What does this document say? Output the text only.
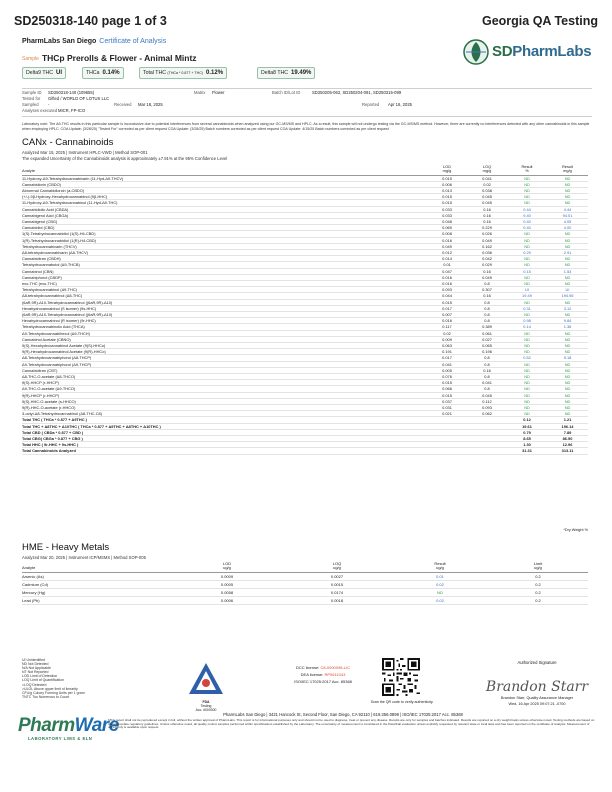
SD250318-140 page 1 of 3	Georgia QA Testing
PharmLabs San Diego Certificate of Analysis
Sample THCp Prerolls & Flower - Animal Mintz	SDPharmLabs
Delta9 THC UI	THCa 0.14%	Total THC (THCa * 0.877 + THC) 0.12%	Delta8 THC 19.49%
Sample ID SD250318-140 (109655)	Matrix Flower	Batch ID/Lot ID	SD250205-062, SD250204-091, SD250315-099
Tested for Gifted / WORLD OF LOTUS LLC
Sampled -	Received Mar 18, 2025	Reported Apr 16, 2025
Analyses executed MICR, FP-ICO
Laboratory note: The ∆9-THC results in this particular sample is inconclusive due to potential interferences from several cannabinoids when analyzed using our GC-MS/MS and HPLC. As a result, this sample will not undergo testing via the GC-MS/MS method. However, there are currently no interferences detected with any other cannabinoids in this sample when employing HPLC. COA Update: (3/28/25) "Tested For" corrected as per client request COA Update: (3/28/25) Batch numbers corrected as per client request COA Update: 4/15/25 Batch numbers corrected as per client request
CANx - Cannabinoids
Analyzed Mar 15, 2025 | Instrument HPLC-VWD | Method SOP-001
The expanded Uncertainty of the Cannabinoids analysis is approximately ±7.91% at the 95% Confidence Level
Analyte	LOD
mg/g	LOQ
mg/g	Result
%	Result
mg/g
11-Hydroxy-Δ9-Tetrahydrocannabivarin (11-Hyd-Δ9-THCV)	0.015	0.041	ND	ND
Cannabidiorin (CBDO)	0.006	0.02	ND	ND
Abnormal Cannabidiorcin (a-CBDO)	0.013	0.038	ND	ND
(+/-)-9β-Hydroxy-Hexahydrocannabinol (9β-HHC)	0.015	0.045	ND	ND
11-Hydroxy-Δ9-Tetrahydrocannabinol (11-Hyd-Δ9-THC)	0.015	0.045	ND	ND
Cannabidiolic Acid (CBDA)	0.033	0.16	0.44	4.44
Cannabigerol Acid (CBGA)	0.033	0.16	9.40	94.01
Cannabigerol (CBG)	0.048	0.16	0.40	4.05
Cannabidiol (CBD)	0.069	0.229	0.40	4.00
1(S)-Tetrahydrocannabidiol (1(S)-H4-CBD)	0.008	0.026	ND	ND
1(R)-Tetrahydrocannabidiol (1(R)-H4-CBD)	0.016	0.049	ND	ND
Tetrahydrocannabivarin (THCV)	0.049	0.162	ND	ND
Δ8-tetrahydrocannabivarin (Δ8-THCV)	0.012	0.036	0.29	2.91
Cannabicitran (CBDH)	0.014	0.042	ND	ND
Tetrahydrocannabutol (Δ9-THCB)	0.01	0.029	ND	ND
Cannabinol (CBN)	0.047	0.16	0.15	1.53
Cannabiphorol (CBDP)	0.016	0.049	ND	ND
exo-THC (exo-THC)	0.016	0.8	ND	ND
Tetrahydrocannabinol (Δ9-THC)	0.093	0.307	UI	UI
Δ8-tetrahydrocannabinol (Δ8-THC)	0.044	0.16	19.49	194.95
(6aR,9R)-Δ10-Tetrahydrocannabinol ((6aR,9R)-Δ10)	0.015	0.8	ND	ND
Hexahydrocannabinol (S isomer) (9s-HHC)	0.017	0.8	0.31	3.12
(6aR,9R)-Δ10-Tetrahydrocannabinol ((6aR,9R)-Δ10)	0.007	0.8	ND	ND
Hexahydrocannabinol (R isomer) (9r-HHC)	0.016	0.8	0.98	9.84
Tetrahydrocannabinolic Acid (THCA)	0.117	0.389	0.14	1.36
Δ9-Tetrahydrocannabihexol (Δ9-THCH)	0.02	0.061	ND	ND
Cannabinol Acetate (CBNO)	0.009	0.027	ND	ND
9(S)-Hexahydrocannabinol Acetate (9(S)-HHCo)	0.063	0.065	ND	ND
9(R)-Hexahydrocannabinol Acetate (9(R)-HHCo)	0.191	0.196	ND	ND
Δ8-Tetrahydrocannabiphorol (Δ8-THCP)	0.017	0.8	0.52	5.18
Δ9-Tetrahydrocannabiphorol (Δ9-THCP)	0.041	0.8	ND	ND
Cannabicitran (CBT)	0.005	0.16	ND	ND
Δ8-THC-O-acetate (Δ8-THCO)	0.076	0.8	ND	ND
9(S)-HHCP (r-HHCP)	0.015	0.041	ND	ND
Δ9-THC-O-acetate (Δ9-THCO)	0.066	0.8	ND	ND
9(R)-HHCP (r-HHCP)	0.015	0.045	ND	ND
9(S)-HHC-O-acetate (s-HHCO)	0.037	0.112	ND	ND
9(R)-HHC-O-acetate (r-HHCO)	0.031	0.093	ND	ND
3-octyl-Δ8-Tetrahydrocannabinol (Δ8-THC-C8)	0.021	0.062	ND	ND
Total THC ( THCa * 0.877 + Δ9THC )			0.12	1.21
Total THC + Δ8THC + Δ10THC ( THCa * 0.877 + Δ9THC + Δ8THC + Δ10THC )			19.61	196.14
Total CBD ( CBDa * 0.877 + CBD )			0.79	7.89
Total CBG( CBGa * 0.877 + CBG )			8.65	86.50
Total HHC ( 9r-HHC + 9s-HHC )			1.30	12.96
Total Cannabinoids Analyzed			31.31	313.11
*Dry Weight %
HME - Heavy Metals
Analyzed Mar 20, 2025 | Instrument ICP/MSMS | Method SOP-005
Analyte	LOD
ug/g	LOQ
ug/g	Result
ug/g	Limit
ug/g
Arsenic (As)	0.0009	0.0027	0.01	0.2
Cadmium (Cd)	0.0005	0.0015	0.02	0.2
Mercury (Hg)	0.0058	0.0174	ND	0.2
Lead (Pb)	0.0006	0.0018	0.02	0.2
UI Unidentified
ND Not Detected
N/A Not Applicable
NT Not Reported
LOD Limit of Detection
LOQ Limit of Quantification
<LOQ Detected
>ULOL Above upper limit of linearity
CFU/g Colony Forming Units per 1 gram
TNTC Too Numerous to Count
FDA
Testing
Acc. #000000
DCC license: C8-0000098-LIC
DEA license: RP0611043
ISO/IEC 17025:2017 Acc. 85368
Scan the QR code to verify authenticity.
Authorized Signature
Brandon Starr
Brandon Starr, Quality Assurance Manager
Wed, 16 Apr 2025 09:07:21 -0700
PharmWare
LABORATORY LIMS & ELN
PharmLabs San Diego | 3421 Hancock St, Second Floor, San Diego, CA 92110 | 619.356.0898 | ISO/IEC 17025:2017 Acc. 85368
*This report shall not be reproduced except in full, without the written approval of PharmLabs. This report is for informational purposes only and should not be used to diagnose, treat or prevent any disease. Results are only for samples and batches indicated. Results are reported on a dry weight basis unless otherwise noted. Testing methods are based on the appropriate regulatory guidelines. Unless otherwise noted, all quality control samples performed within specifications established by the Laboratory. The uncertainty of measurement is considered in the Pass/Fail evaluation unless explicitly requested by relevant state or local laws and has been reported on the certificate of analysis. Measurement of uncertainty is available upon request.
